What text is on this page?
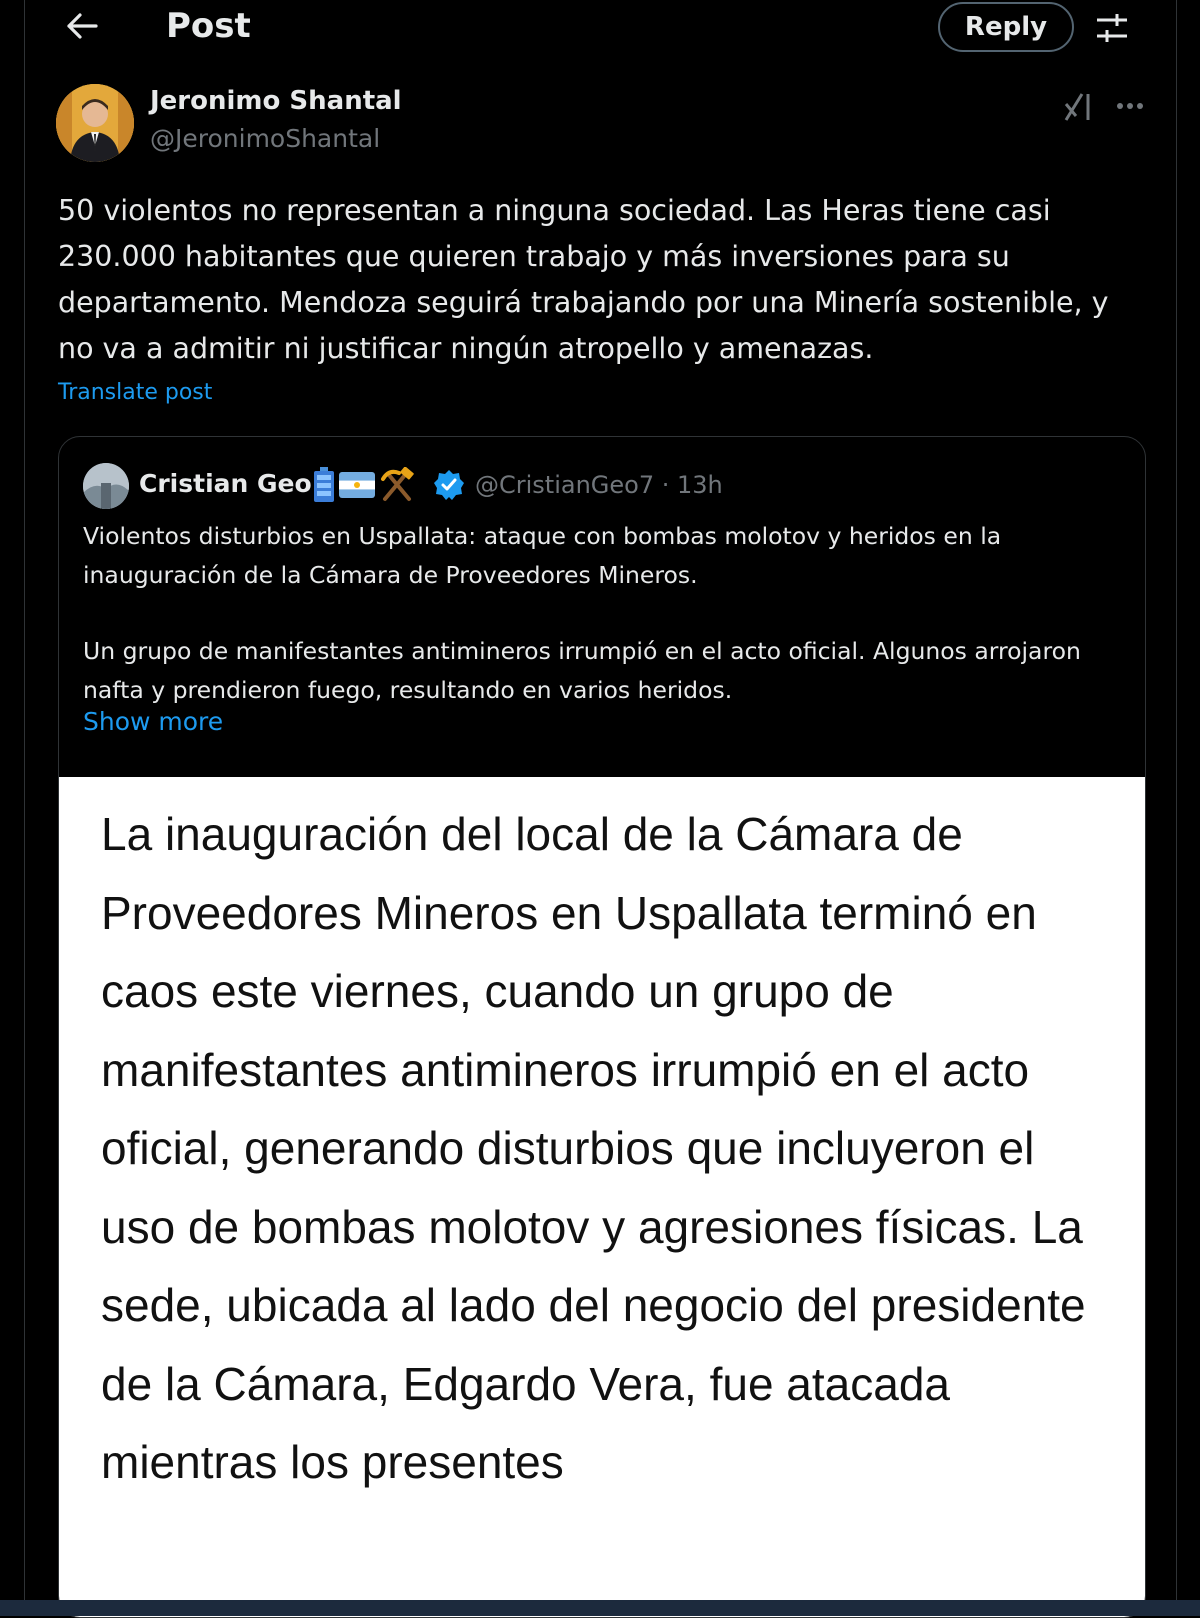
Post	Reply
Jeronimo Shantal
@JeronimoShantal
50 violentos no representan a ninguna sociedad. Las Heras tiene casi 230.000 habitantes que quieren trabajo y más inversiones para su departamento. Mendoza seguirá trabajando por una Minería sostenible, y no va a admitir ni justificar ningún atropello y amenazas.
Translate post
Cristian Geo	@CristianGeo7 · 13h

Violentos disturbios en Uspallata: ataque con bombas molotov y heridos en la inauguración de la Cámara de Proveedores Mineros.

Un grupo de manifestantes antimineros irrumpió en el acto oficial. Algunos arrojaron nafta y prendieron fuego, resultando en varios heridos.

Show more
La inauguración del local de la Cámara de Proveedores Mineros en Uspallata terminó en caos este viernes, cuando un grupo de manifestantes antimineros irrumpió en el acto oficial, generando disturbios que incluyeron el uso de bombas molotov y agresiones físicas. La sede, ubicada al lado del negocio del presidente de la Cámara, Edgardo Vera, fue atacada mientras los presentes
